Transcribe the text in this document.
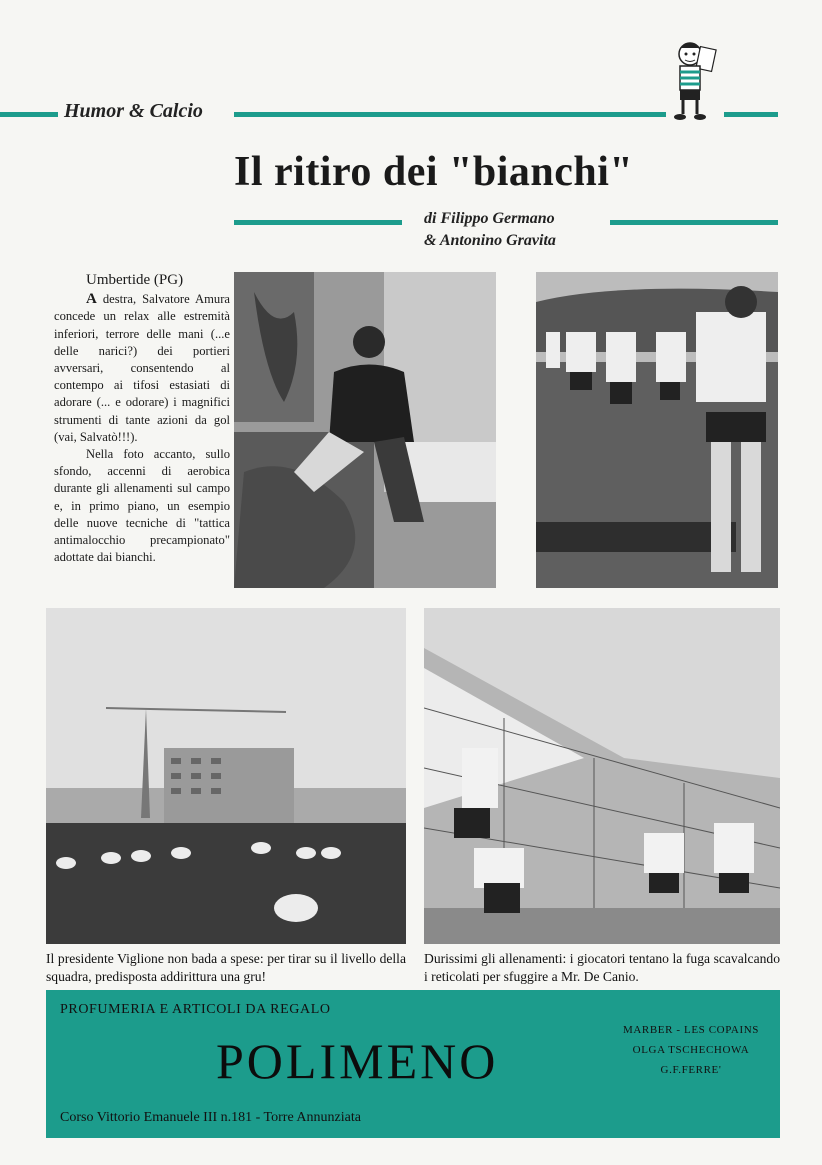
Humor & Calcio
Il ritiro dei "bianchi"
di Filippo Germano
& Antonino Gravita
Umbertide (PG)

A destra, Salvatore Amura concede un relax alle estremità inferiori, terrore delle mani (...e delle narici?) dei portieri avversari, consentendo al contempo ai tifosi estasiati di adorare (... e odorare) i magnifici strumenti di tante azioni da gol (vai, Salvatò!!!).

Nella foto accanto, sullo sfondo, accenni di aerobica durante gli allenamenti sul campo e, in primo piano, un esempio delle nuove tecniche di "tattica antimalocchio precampionato" adottate dai bianchi.

Il presidente Viglione non bada a spese: per tirar su il livello della squadra, predisposta addirittura una gru!
Durissimi gli allenamenti: i giocatori tentano la fuga scavalcando i reticolati per sfuggire a Mr. De Canio.
PROFUMERIA E ARTICOLI DA REGALO
POLIMENO
MARBER - LES COPAINS
OLGA TSCHECHOWA
G.F.FERRE'
Corso Vittorio Emanuele III n.181 - Torre Annunziata
